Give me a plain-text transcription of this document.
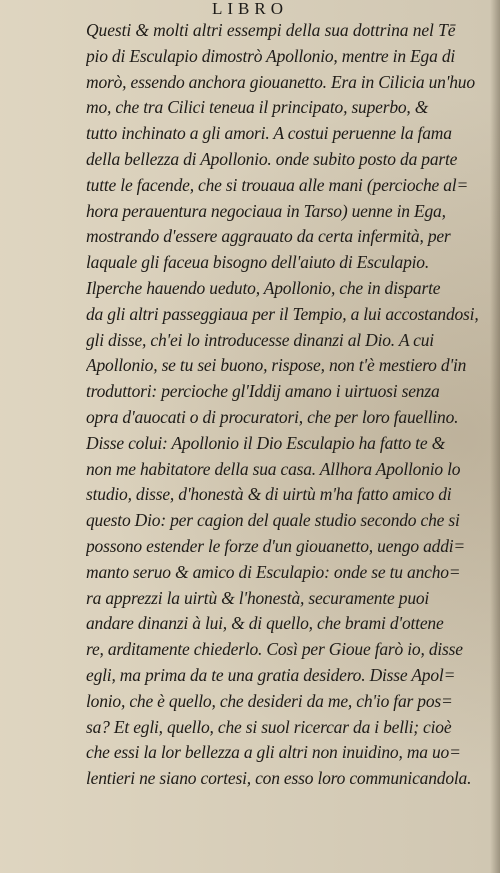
LIBRO
Questi & molti altri essempi della sua dottrina nel Tē
pio di Esculapio dimostrò Apollonio, mentre in Ega di
morò, essendo anchora giouanetto. Era in Cilicia un'huo
mo, che tra Cilici teneua il principato, superbo, &
tutto inchinato a gli amori. A costui peruenne la fama
della bellezza di Apollonio. onde subito posto da parte
tutte le facende, che si trouaua alle mani (percioche al=
hora perauentura negociaua in Tarso) uenne in Ega,
mostrando d'essere aggrauato da certa infermità, per
laquale gli faceua bisogno dell'aiuto di Esculapio.
Ilperche hauendo ueduto, Apollonio, che in disparte
da gli altri passeggiaua per il Tempio, a lui accostandosi,
gli disse, ch'ei lo introducesse dinanzi al Dio. A cui
Apollonio, se tu sei buono, rispose, non t'è mestiero d'in
troduttori: percioche gl'Iddij amano i uirtuosi senza
opra d'auocati o di procuratori, che per loro fauellino.
Disse colui: Apollonio il Dio Esculapio ha fatto te &
non me habitatore della sua casa. Allhora Apollonio lo
studio, disse, d'honestà & di uirtù m'ha fatto amico di
questo Dio: per cagion del quale studio secondo che si
possono estender le forze d'un giouanetto, uengo addi=
manto seruo & amico di Esculapio: onde se tu ancho=
ra apprezzi la uirtù & l'honestà, securamente puoi
andare dinanzi à lui, & di quello, che brami d'ottene
re, arditamente chiederlo. Così per Gioue farò io, disse
egli, ma prima da te una gratia desidero. Disse Apol=
lonio, che è quello, che desideri da me, ch'io far pos=
sa? Et egli, quello, che si suol ricercar da i belli; cioè
che essi la lor bellezza a gli altri non inuidino, ma uo=
lentieri ne siano cortesi, con esso loro communicandola.
